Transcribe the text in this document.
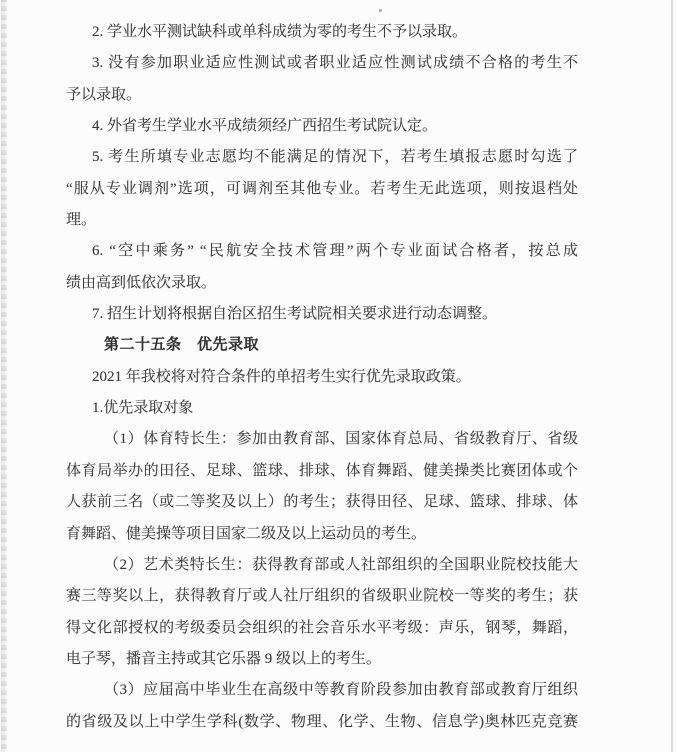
2. 学业水平测试缺科或单科成绩为零的考生不予以录取。
3. 没有参加职业适应性测试或者职业适应性测试成绩不合格的考生不
予以录取。
4. 外省考生学业水平成绩须经广西招生考试院认定。
5. 考生所填专业志愿均不能满足的情况下，若考生填报志愿时勾选了
“服从专业调剂”选项，可调剂至其他专业。若考生无此选项，则按退档处
理。
6. “空中乘务” “民航安全技术管理”两个专业面试合格者，按总成
绩由高到低依次录取。
7. 招生计划将根据自治区招生考试院相关要求进行动态调整。
第二十五条　优先录取
2021 年我校将对符合条件的单招考生实行优先录取政策。
1.优先录取对象
（1）体育特长生：参加由教育部、国家体育总局、省级教育厅、省级
体育局举办的田径、足球、篮球、排球、体育舞蹈、健美操类比赛团体或个
人获前三名（或二等奖及以上）的考生；获得田径、足球、篮球、排球、体
育舞蹈、健美操等项目国家二级及以上运动员的考生。
（2）艺术类特长生：获得教育部或人社部组织的全国职业院校技能大
赛三等奖以上，获得教育厅或人社厅组织的省级职业院校一等奖的考生；获
得文化部授权的考级委员会组织的社会音乐水平考级：声乐，钢琴，舞蹈，
电子琴，播音主持或其它乐器 9 级以上的考生。
（3）应届高中毕业生在高级中等教育阶段参加由教育部或教育厅组织
的省级及以上中学生学科(数学、物理、化学、生物、信息学)奥林匹克竞赛
